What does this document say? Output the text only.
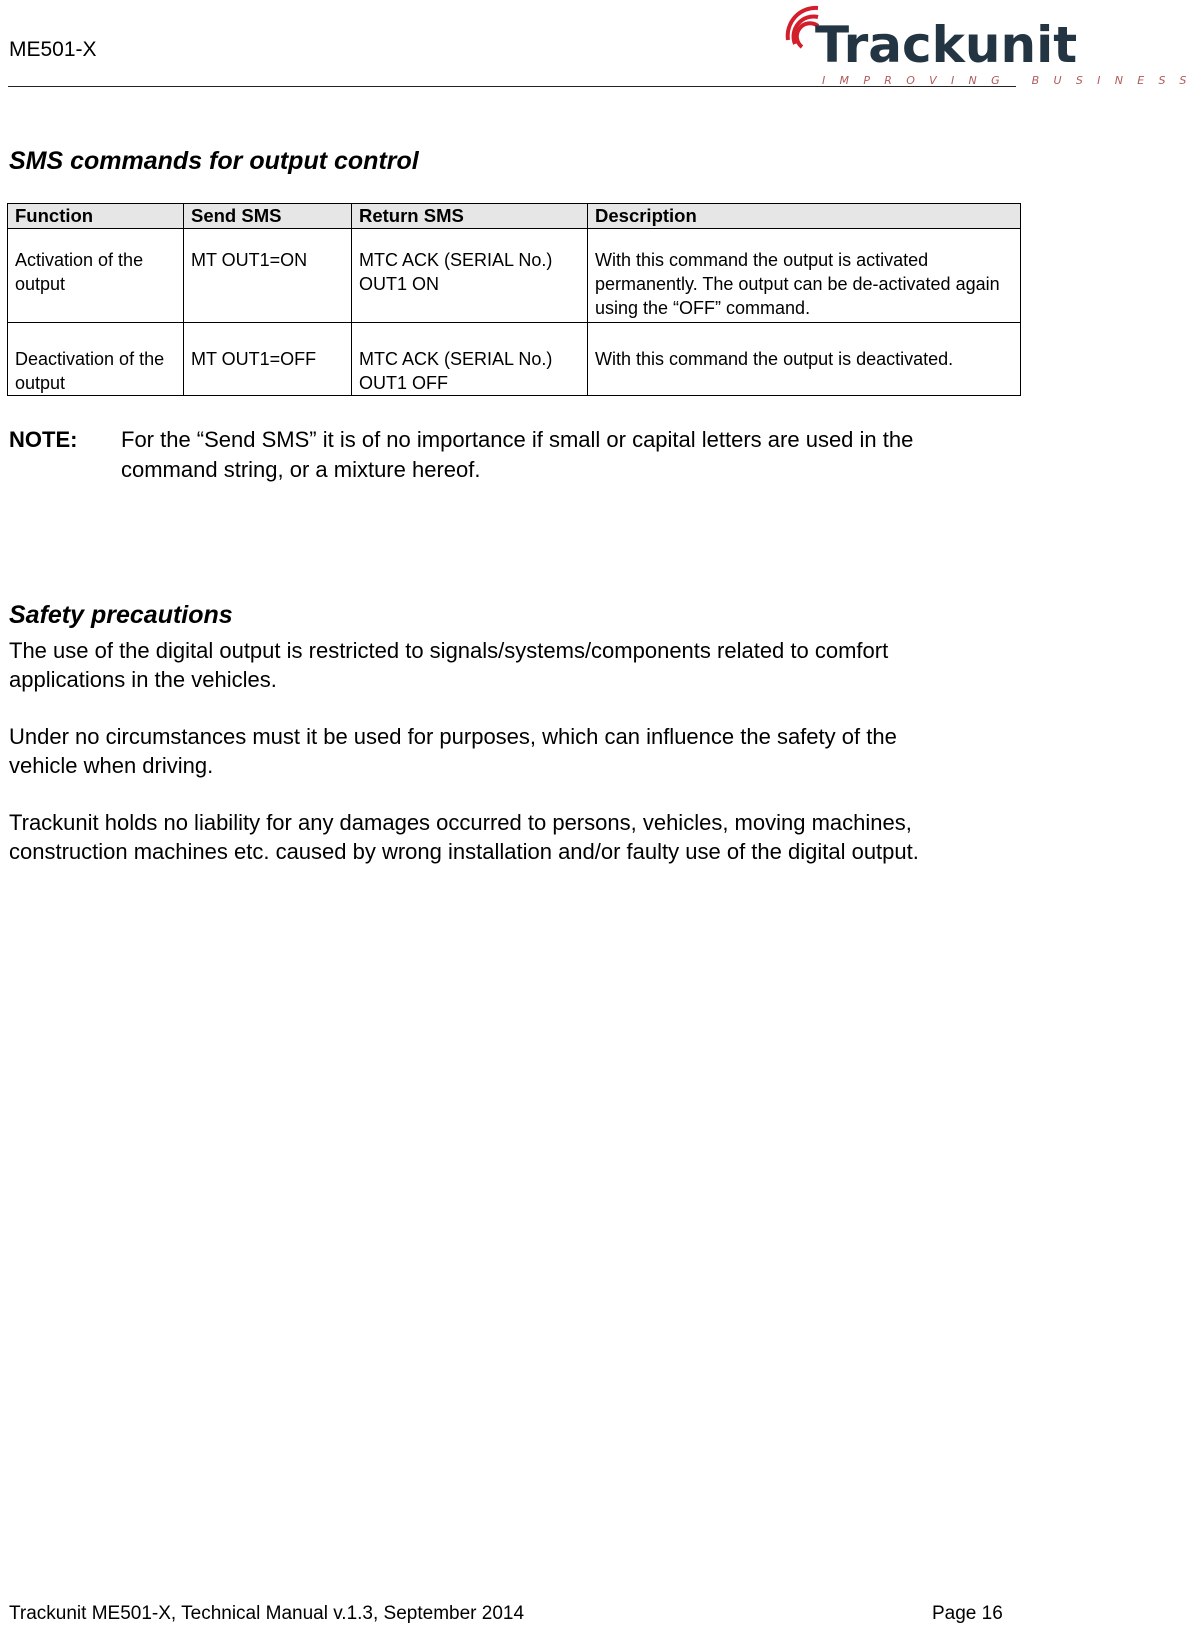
ME501-X	Trackunit
IMPROVING BUSINESS
SMS commands for output control
Function	Send SMS	Return SMS	Description
Activation of the output	MT OUT1=ON	MTC ACK (SERIAL No.) OUT1 ON	With this command the output is activated permanently. The output can be de-activated again using the “OFF” command.
Deactivation of the output	MT OUT1=OFF	MTC ACK (SERIAL No.) OUT1 OFF	With this command the output is deactivated.
NOTE: For the “Send SMS” it is of no importance if small or capital letters are used in the command string, or a mixture hereof.
Safety precautions
The use of the digital output is restricted to signals/systems/components related to comfort applications in the vehicles.
Under no circumstances must it be used for purposes, which can influence the safety of the vehicle when driving.
Trackunit holds no liability for any damages occurred to persons, vehicles, moving machines, construction machines etc. caused by wrong installation and/or faulty use of the digital output.
Trackunit ME501-X, Technical Manual v.1.3, September 2014	Page 16
